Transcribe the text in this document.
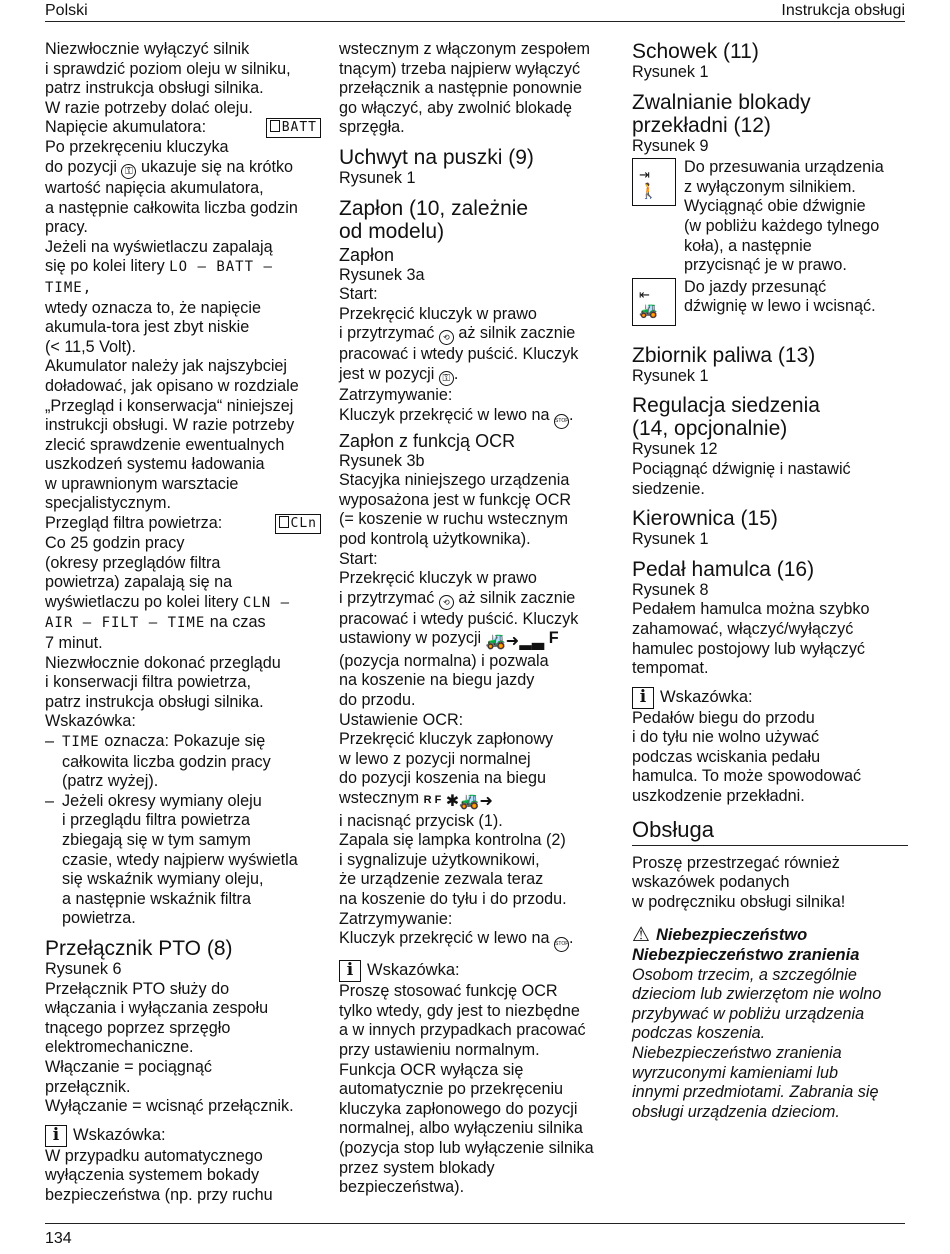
Polski	Instrukcja obsługi
Niezwłocznie wyłączyć silnik
i sprawdzić poziom oleju w silniku,
patrz instrukcja obsługi silnika.
W razie potrzeby dolać oleju.
Napięcie akumulatora:	BATT
Po przekręceniu kluczyka
do pozycji ⚿ ukazuje się na krótko
wartość napięcia akumulatora,
a następnie całkowita liczba godzin
pracy.
Jeżeli na wyświetlaczu zapalają
się po kolei litery LO – BATT – TIME,
wtedy oznacza to, że napięcie
akumula-tora jest zbyt niskie
(< 11,5 Volt).
Akumulator należy jak najszybciej
doładować, jak opisano w rozdziale
„Przegląd i konserwacja“ niniejszej
instrukcji obsługi. W razie potrzeby
zlecić sprawdzenie ewentualnych
uszkodzeń systemu ładowania
w uprawnionym warsztacie
specjalistycznym.
Przegląd filtra powietrza:	CLn
Co 25 godzin pracy
(okresy przeglądów filtra
powietrza) zapalają się na
wyświetlaczu po kolei litery CLN –
AIR – FILT – TIME na czas
7 minut.
Niezwłocznie dokonać przeglądu
i konserwacji filtra powietrza,
patrz instrukcja obsługi silnika.
Wskazówka:
– TIME oznacza: Pokazuje się
całkowita liczba godzin pracy
(patrz wyżej).
– Jeżeli okresy wymiany oleju
i przeglądu filtra powietrza
zbiegają się w tym samym
czasie, wtedy najpierw wyświetla
się wskaźnik wymiany oleju,
a następnie wskaźnik filtra
powietrza.
Przełącznik PTO (8)
Rysunek 6
Przełącznik PTO służy do
włączania i wyłączania zespołu
tnącego poprzez sprzęgło
elektromechaniczne.
Włączanie = pociągnąć
przełącznik.
Wyłączanie = wcisnąć przełącznik.
i Wskazówka:
W przypadku automatycznego
wyłączenia systemem bokady
bezpieczeństwa (np. przy ruchu
wstecznym z włączonym zespołem
tnącym) trzeba najpierw wyłączyć
przełącznik a następnie ponownie
go włączyć, aby zwolnić blokadę
sprzęgła.
Uchwyt na puszki (9)
Rysunek 1
Zapłon (10, zależnie
od modelu)
Zapłon
Rysunek 3a
Start:
Przekręcić kluczyk w prawo
i przytrzymać ⟲ aż silnik zacznie
pracować i wtedy puścić. Kluczyk
jest w pozycji ⚿.
Zatrzymywanie:
Kluczyk przekręcić w lewo na STOP.
Zapłon z funkcją OCR
Rysunek 3b
Stacyjka niniejszego urządzenia
wyposażona jest w funkcję OCR
(= koszenie w ruchu wstecznym
pod kontrolą użytkownika).
Start:
Przekręcić kluczyk w prawo
i przytrzymać ⟲ aż silnik zacznie
pracować i wtedy puścić. Kluczyk
ustawiony w pozycji 🚜➜▂▃ F
(pozycja normalna) i pozwala
na koszenie na biegu jazdy
do przodu.
Ustawienie OCR:
Przekręcić kluczyk zapłonowy
w lewo z pozycji normalnej
do pozycji koszenia na biegu
wstecznym R F ✱🚜➜
i nacisnąć przycisk (1).
Zapala się lampka kontrolna (2)
i sygnalizuje użytkownikowi,
że urządzenie zezwala teraz
na koszenie do tyłu i do przodu.
Zatrzymywanie:
Kluczyk przekręcić w lewo na STOP.
i Wskazówka:
Proszę stosować funkcję OCR
tylko wtedy, gdy jest to niezbędne
a w innych przypadkach pracować
przy ustawieniu normalnym.
Funkcja OCR wyłącza się
automatycznie po przekręceniu
kluczyka zapłonowego do pozycji
normalnej, albo wyłączeniu silnika
(pozycja stop lub wyłączenie silnika
przez system blokady
bezpieczeństwa).
Schowek (11)
Rysunek 1
Zwalnianie blokady
przekładni (12)
Rysunek 9
⇥
🚶
Do przesuwania urządzenia
z wyłączonym silnikiem.
Wyciągnąć obie dźwignie
(w pobliżu każdego tylnego
koła), a następnie
przycisnąć je w prawo.
⇤
🚜
Do jazdy przesunąć
dźwignię w lewo i wcisnąć.
Zbiornik paliwa (13)
Rysunek 1
Regulacja siedzenia
(14, opcjonalnie)
Rysunek 12
Pociągnąć dźwignię i nastawić
siedzenie.
Kierownica (15)
Rysunek 1
Pedał hamulca (16)
Rysunek 8
Pedałem hamulca można szybko
zahamować, włączyć/wyłączyć
hamulec postojowy lub wyłączyć
tempomat.
i Wskazówka:
Pedałów biegu do przodu
i do tyłu nie wolno używać
podczas wciskania pedału
hamulca. To może spowodować
uszkodzenie przekładni.
Obsługa
Proszę przestrzegać również
wskazówek podanych
w podręczniku obsługi silnika!
⚠ Niebezpieczeństwo
Niebezpieczeństwo zranienia
Osobom trzecim, a szczególnie
dzieciom lub zwierzętom nie wolno
przybywać w pobliżu urządzenia
podczas koszenia.
Niebezpieczeństwo zranienia
wyrzuconymi kamieniami lub
innymi przedmiotami. Zabrania się
obsługi urządzenia dzieciom.
134
